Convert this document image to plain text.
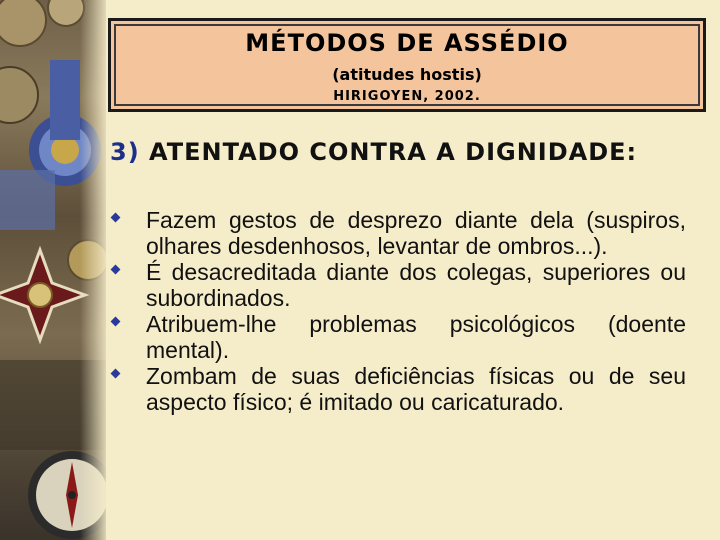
MÉTODOS DE ASSÉDIO
(atitudes hostis)
HIRIGOYEN, 2002.
3) ATENTADO CONTRA A DIGNIDADE:
Fazem gestos de desprezo diante dela (suspiros, olhares desdenhosos, levantar de ombros...).
É desacreditada diante dos colegas, superiores ou subordinados.
Atribuem-lhe problemas psicológicos (doente mental).
Zombam de suas deficiências físicas ou de seu aspecto físico; é imitado ou caricaturado.
